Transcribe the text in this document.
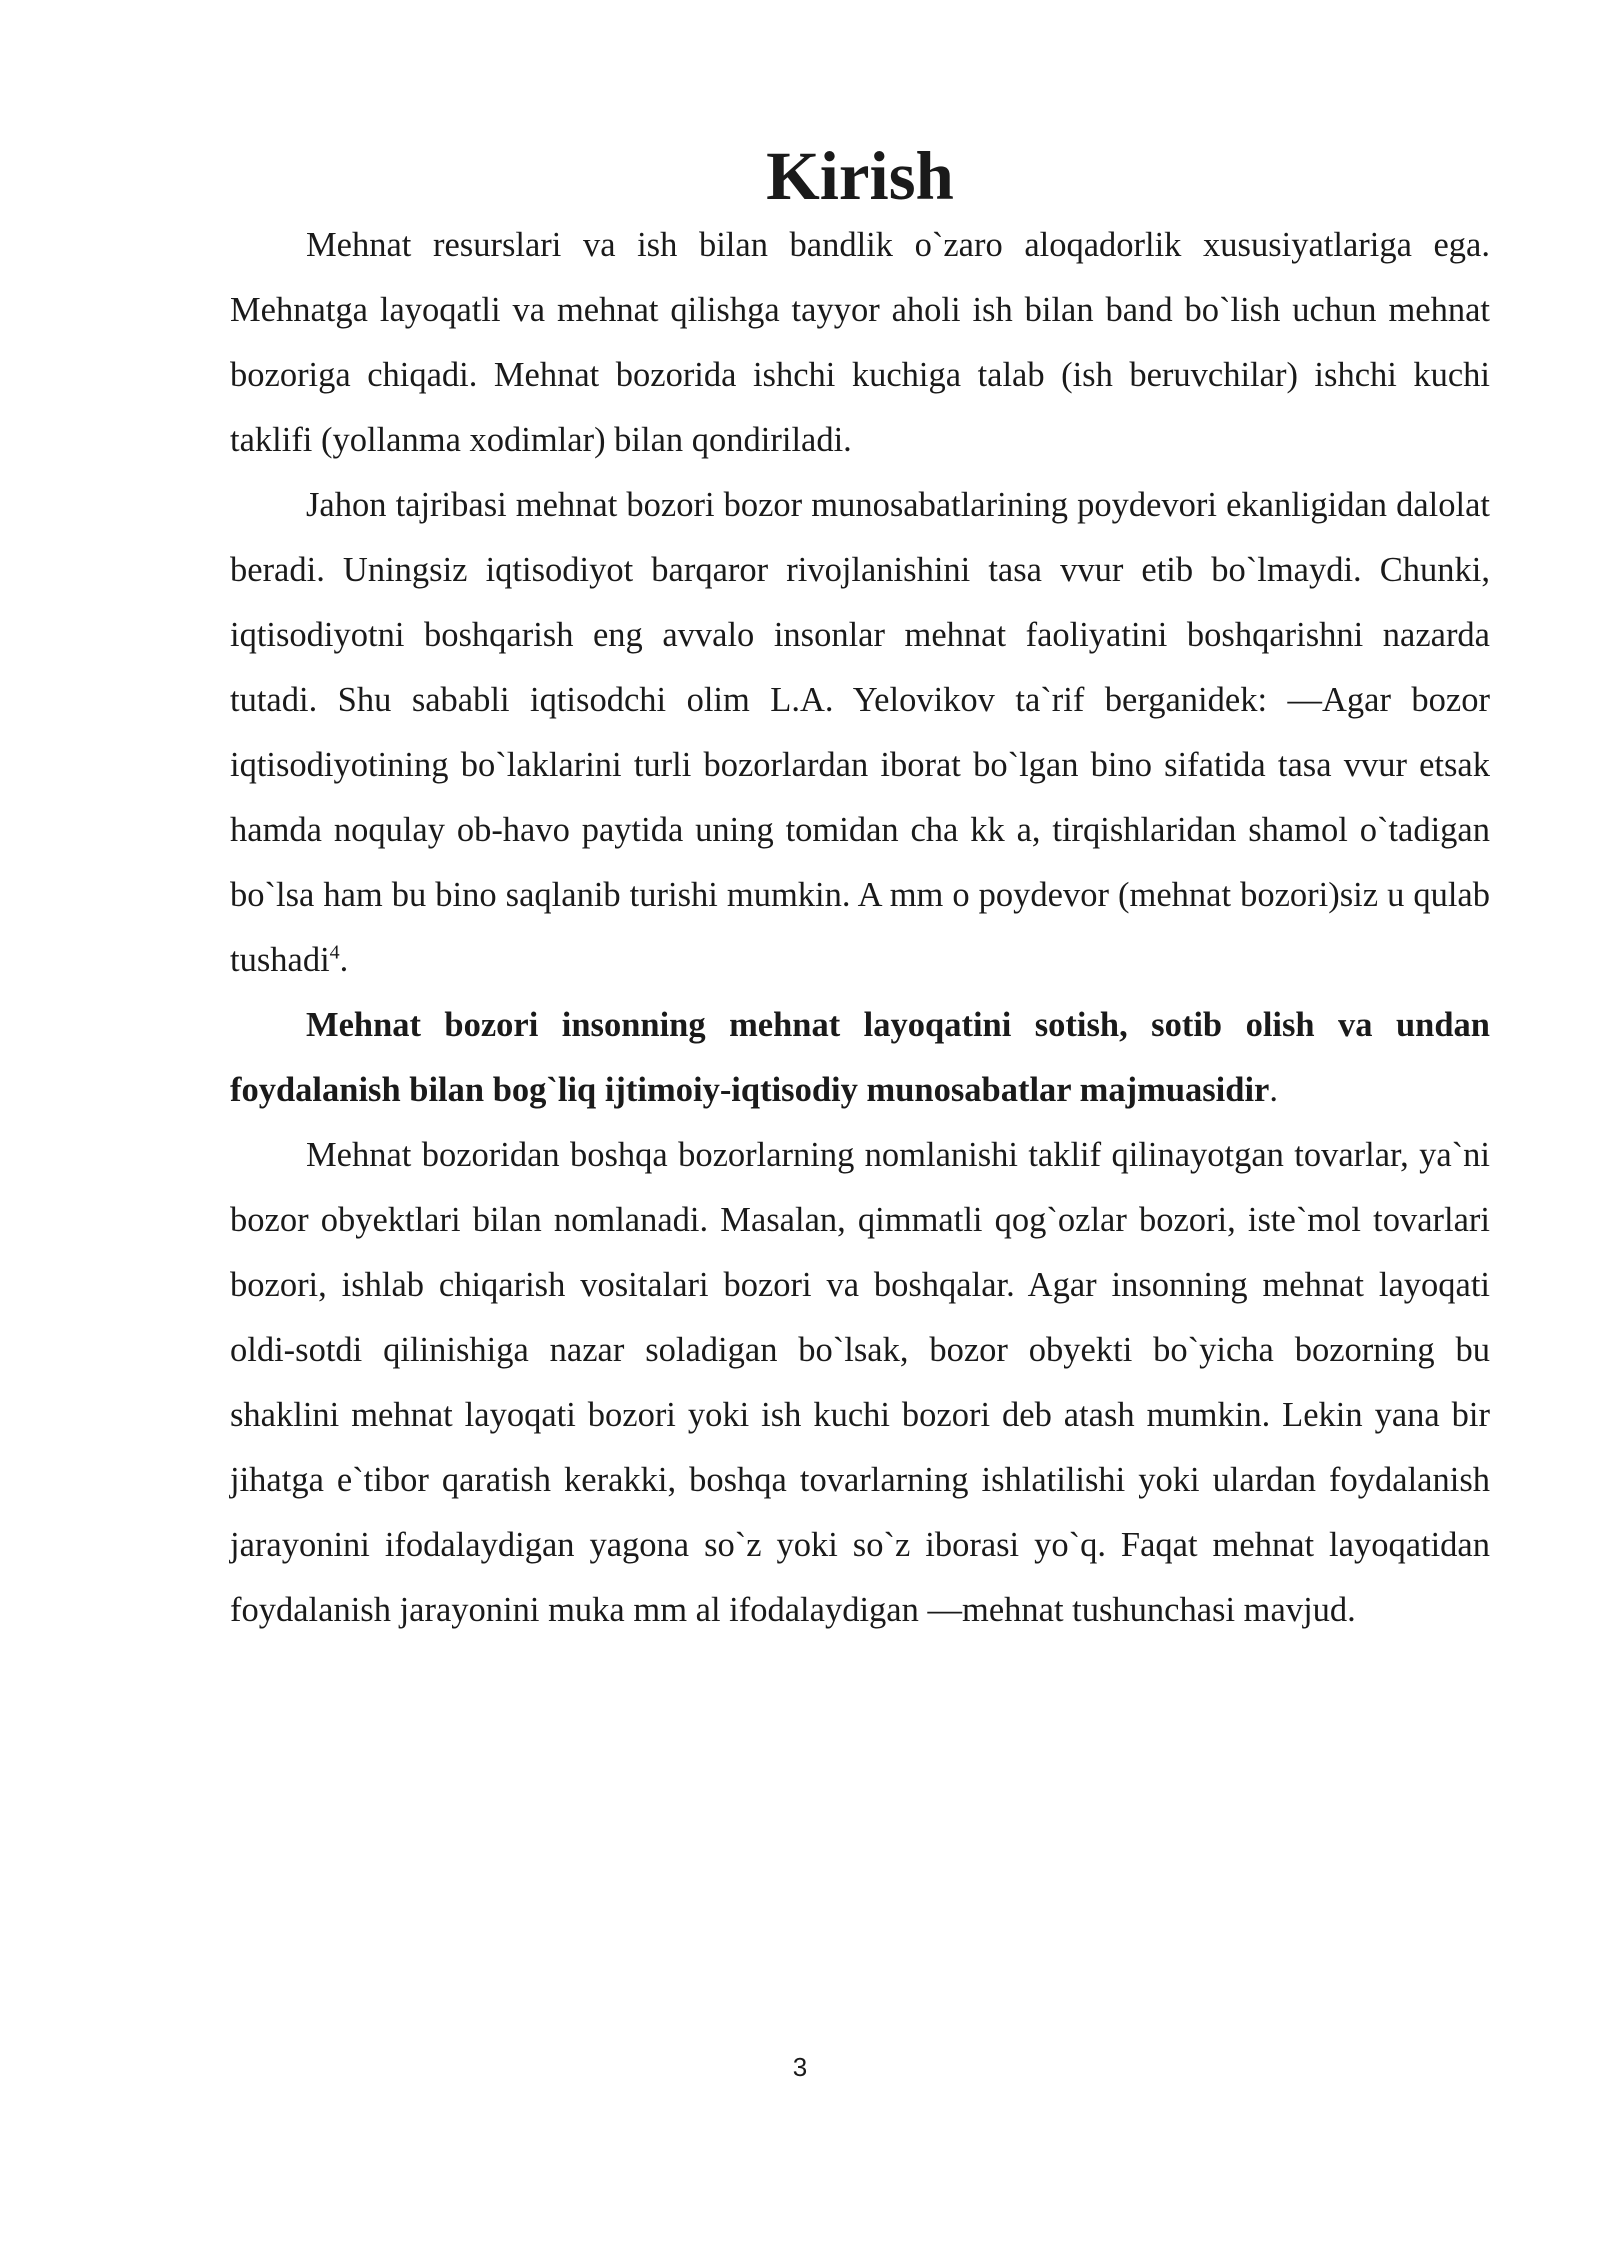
Kirish

Mehnat resurslari va ish bilan bandlik o`zaro aloqadorlik xususiyatlariga ega. Mehnatga layoqatli va mehnat qilishga tayyor aholi ish bilan band bo`lish uchun mehnat bozoriga chiqadi. Mehnat bozorida ishchi kuchiga talab (ish beruvchilar) ishchi kuchi taklifi (yollanma xodimlar) bilan qondiriladi.

Jahon tajribasi mehnat bozori bozor munosabatlarining poydevori ekanligidan dalolat beradi. Uningsiz iqtisodiyot barqaror rivojlanishini tasa vvur etib bo`lmaydi. Chunki, iqtisodiyotni boshqarish eng avvalo insonlar mehnat faoliyatini boshqarishni nazarda tutadi. Shu sababli iqtisodchi olim L.A. Yelovikov ta`rif berganidek: ―Agar bozor iqtisodiyotining bo`laklarini turli bozorlardan iborat bo`lgan bino sifatida tasa vvur etsak hamda noqulay ob-havo paytida uning tomidan cha kk a, tirqishlaridan shamol o`tadigan bo`lsa ham bu bino saqlanib turishi mumkin. A mm o poydevor (mehnat bozori)siz u qulab tushadi$^4$.

Mehnat bozori insonning mehnat layoqatini sotish, sotib olish va undan foydalanish bilan bog`liq ijtimoiy-iqtisodiy munosabatlar majmuasidir.

Mehnat bozoridan boshqa bozorlarning nomlanishi taklif qilinayotgan tovarlar, ya`ni bozor obyektlari bilan nomlanadi. Masalan, qimmatli qog`ozlar bozori, iste`mol tovarlari bozori, ishlab chiqarish vositalari bozori va boshqalar. Agar insonning mehnat layoqati oldi-sotdi qilinishiga nazar soladigan bo`lsak, bozor obyekti bo`yicha bozorning bu shaklini mehnat layoqati bozori yoki ish kuchi bozori deb atash mumkin. Lekin yana bir jihatga e`tibor qaratish kerakki, boshqa tovarlarning ishlatilishi yoki ulardan foydalanish jarayonini ifodalaydigan yagona so`z yoki so`z iborasi yo`q. Faqat mehnat layoqatidan foydalanish jarayonini muka mm al ifodalaydigan ―mehnat tushunchasi mavjud.

3
